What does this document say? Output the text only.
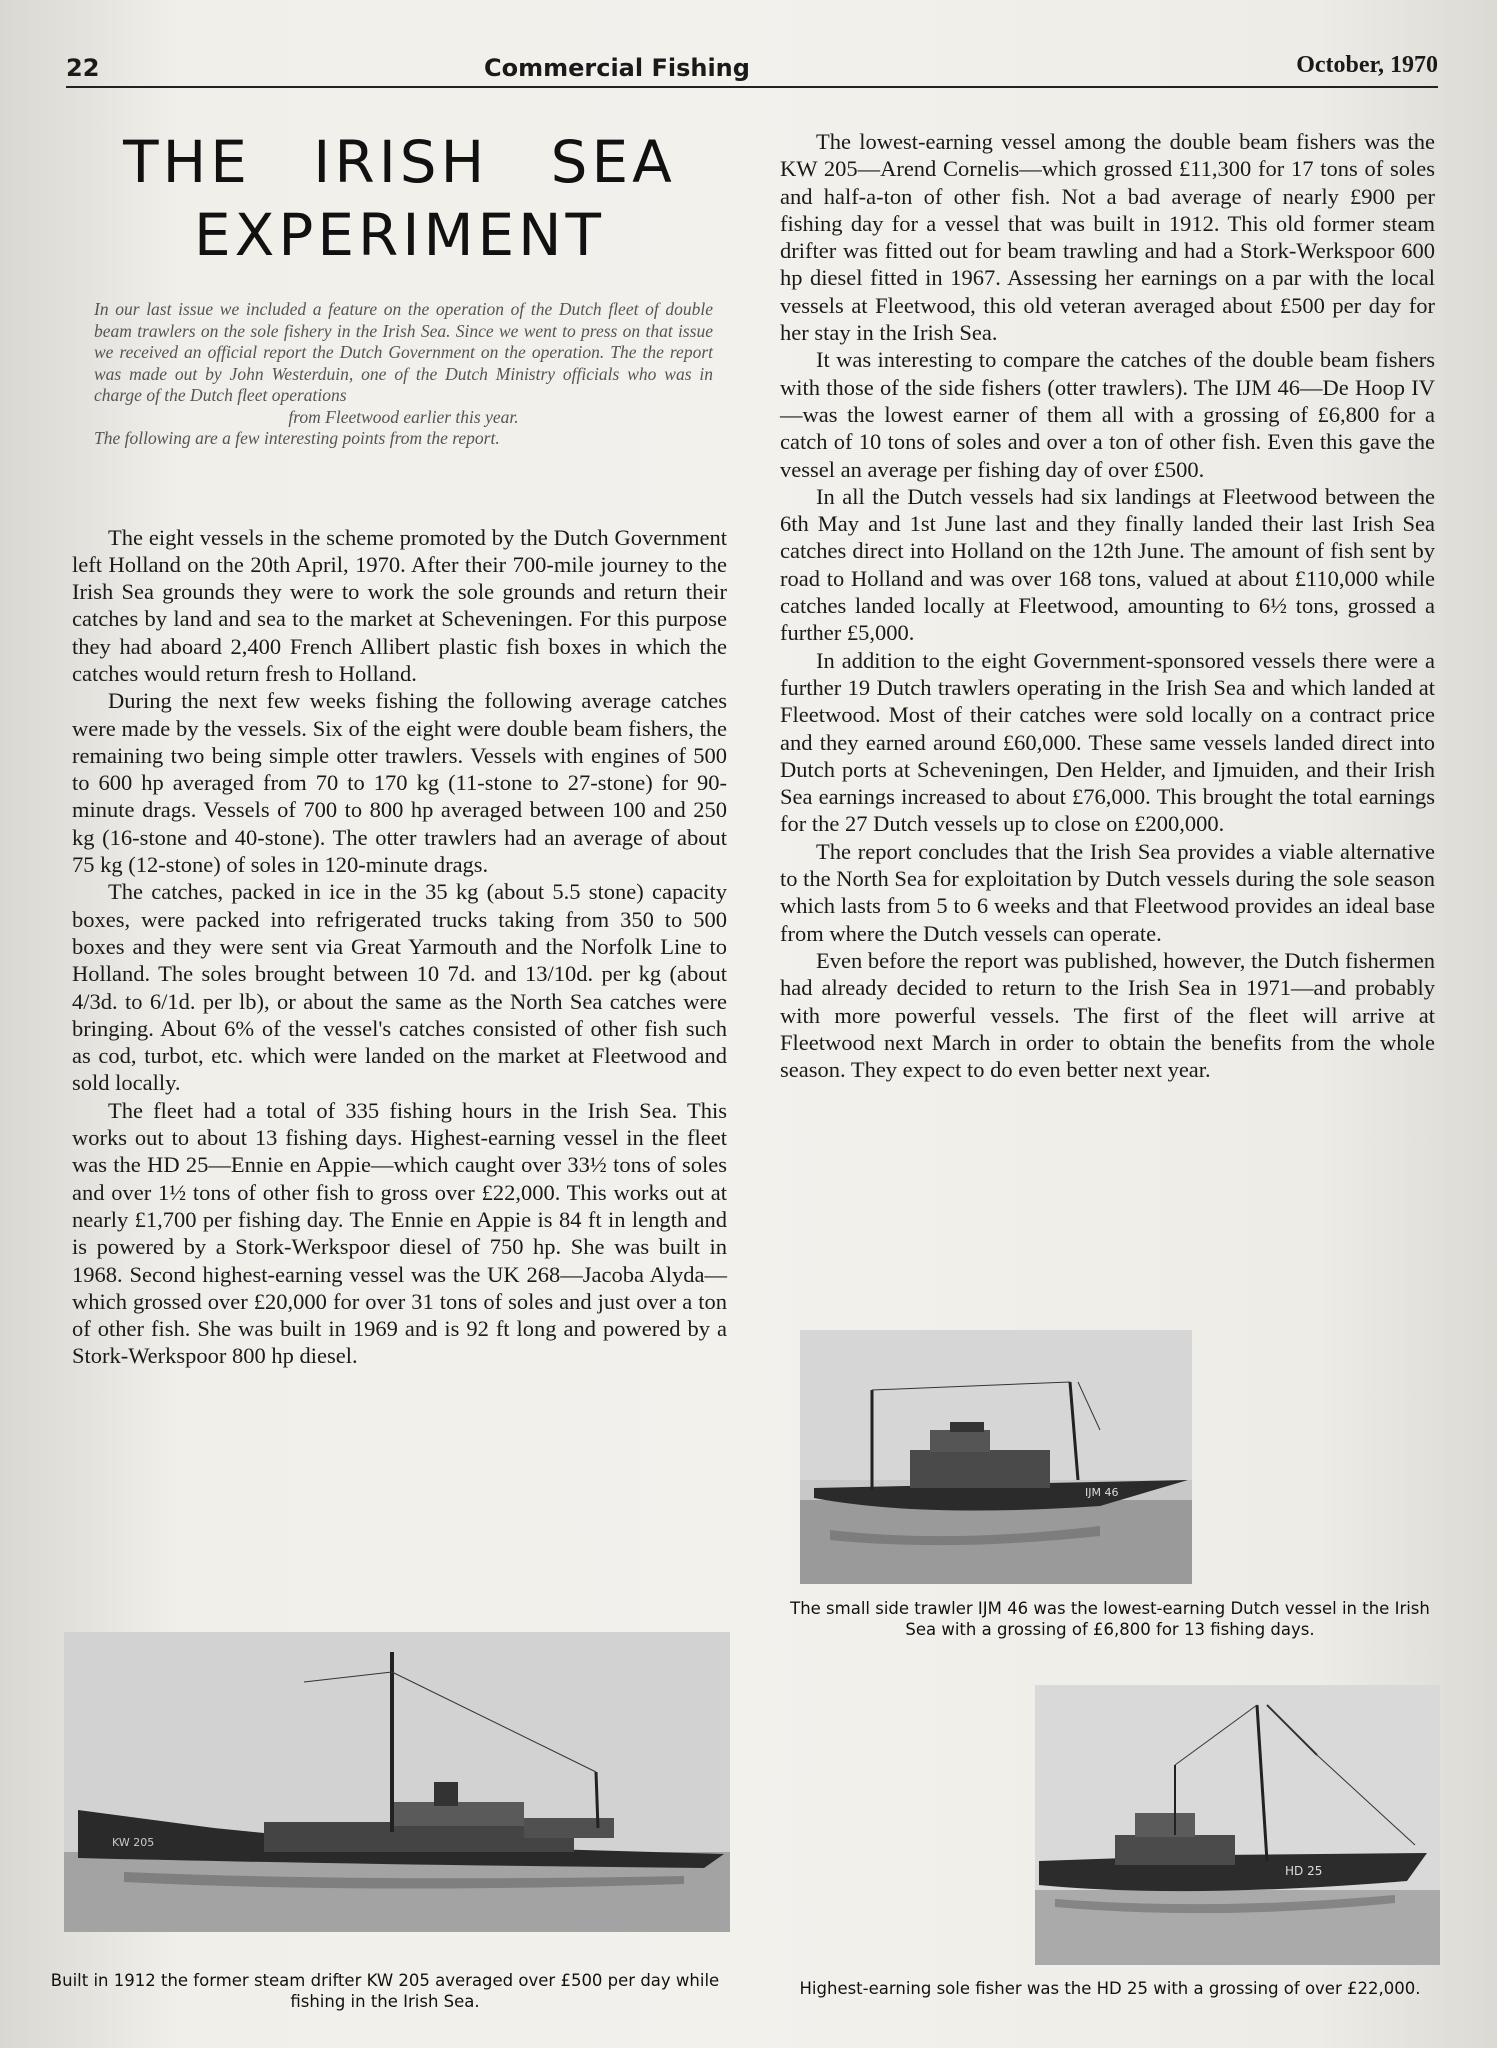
22	Commercial Fishing	October, 1970
THE IRISH SEA
EXPERIMENT
In our last issue we included a feature on the operation of the Dutch fleet of double beam trawlers on the sole fishery in the Irish Sea. Since we went to press on that issue we received an official report the Dutch Government on the operation. The the report was made out by John Westerduin, one of the Dutch Ministry officials who was in charge of the Dutch fleet operations
from Fleetwood earlier this year.
The following are a few interesting points from the report.

The eight vessels in the scheme promoted by the Dutch Government left Holland on the 20th April, 1970. After their 700-mile journey to the Irish Sea grounds they were to work the sole grounds and return their catches by land and sea to the market at Scheveningen. For this purpose they had aboard 2,400 French Allibert plastic fish boxes in which the catches would return fresh to Holland.

During the next few weeks fishing the following average catches were made by the vessels. Six of the eight were double beam fishers, the remaining two being simple otter trawlers. Vessels with engines of 500 to 600 hp averaged from 70 to 170 kg (11-stone to 27-stone) for 90-minute drags. Vessels of 700 to 800 hp averaged between 100 and 250 kg (16-stone and 40-stone). The otter trawlers had an average of about 75 kg (12-stone) of soles in 120-minute drags.

The catches, packed in ice in the 35 kg (about 5.5 stone) capacity boxes, were packed into refrigerated trucks taking from 350 to 500 boxes and they were sent via Great Yarmouth and the Norfolk Line to Holland. The soles brought between 10 7d. and 13/10d. per kg (about 4/3d. to 6/1d. per lb), or about the same as the North Sea catches were bringing. About 6% of the vessel's catches consisted of other fish such as cod, turbot, etc. which were landed on the market at Fleetwood and sold locally.

The fleet had a total of 335 fishing hours in the Irish Sea. This works out to about 13 fishing days. Highest-earning vessel in the fleet was the HD 25—Ennie en Appie—which caught over 33½ tons of soles and over 1½ tons of other fish to gross over £22,000. This works out at nearly £1,700 per fishing day. The Ennie en Appie is 84 ft in length and is powered by a Stork-Werkspoor diesel of 750 hp. She was built in 1968. Second highest-earning vessel was the UK 268—Jacoba Alyda—which grossed over £20,000 for over 31 tons of soles and just over a ton of other fish. She was built in 1969 and is 92 ft long and powered by a Stork-Werkspoor 800 hp diesel.

The lowest-earning vessel among the double beam fishers was the KW 205—Arend Cornelis—which grossed £11,300 for 17 tons of soles and half-a-ton of other fish. Not a bad average of nearly £900 per fishing day for a vessel that was built in 1912. This old former steam drifter was fitted out for beam trawling and had a Stork-Werkspoor 600 hp diesel fitted in 1967. Assessing her earnings on a par with the local vessels at Fleetwood, this old veteran averaged about £500 per day for her stay in the Irish Sea.

It was interesting to compare the catches of the double beam fishers with those of the side fishers (otter trawlers). The IJM 46—De Hoop IV—was the lowest earner of them all with a grossing of £6,800 for a catch of 10 tons of soles and over a ton of other fish. Even this gave the vessel an average per fishing day of over £500.

In all the Dutch vessels had six landings at Fleetwood between the 6th May and 1st June last and they finally landed their last Irish Sea catches direct into Holland on the 12th June. The amount of fish sent by road to Holland and was over 168 tons, valued at about £110,000 while catches landed locally at Fleetwood, amounting to 6½ tons, grossed a further £5,000.

In addition to the eight Government-sponsored vessels there were a further 19 Dutch trawlers operating in the Irish Sea and which landed at Fleetwood. Most of their catches were sold locally on a contract price and they earned around £60,000. These same vessels landed direct into Dutch ports at Scheveningen, Den Helder, and Ijmuiden, and their Irish Sea earnings increased to about £76,000. This brought the total earnings for the 27 Dutch vessels up to close on £200,000.

The report concludes that the Irish Sea provides a viable alternative to the North Sea for exploitation by Dutch vessels during the sole season which lasts from 5 to 6 weeks and that Fleetwood provides an ideal base from where the Dutch vessels can operate.

Even before the report was published, however, the Dutch fishermen had already decided to return to the Irish Sea in 1971—and probably with more powerful vessels. The first of the fleet will arrive at Fleetwood next March in order to obtain the benefits from the whole season. They expect to do even better next year.

IJM 46
The small side trawler IJM 46 was the lowest-earning Dutch vessel in the Irish Sea with a grossing of £6,800 for 13 fishing days.
KW 205
Built in 1912 the former steam drifter KW 205 averaged over £500 per day while fishing in the Irish Sea.
HD 25
Highest-earning sole fisher was the HD 25 with a grossing of over £22,000.
